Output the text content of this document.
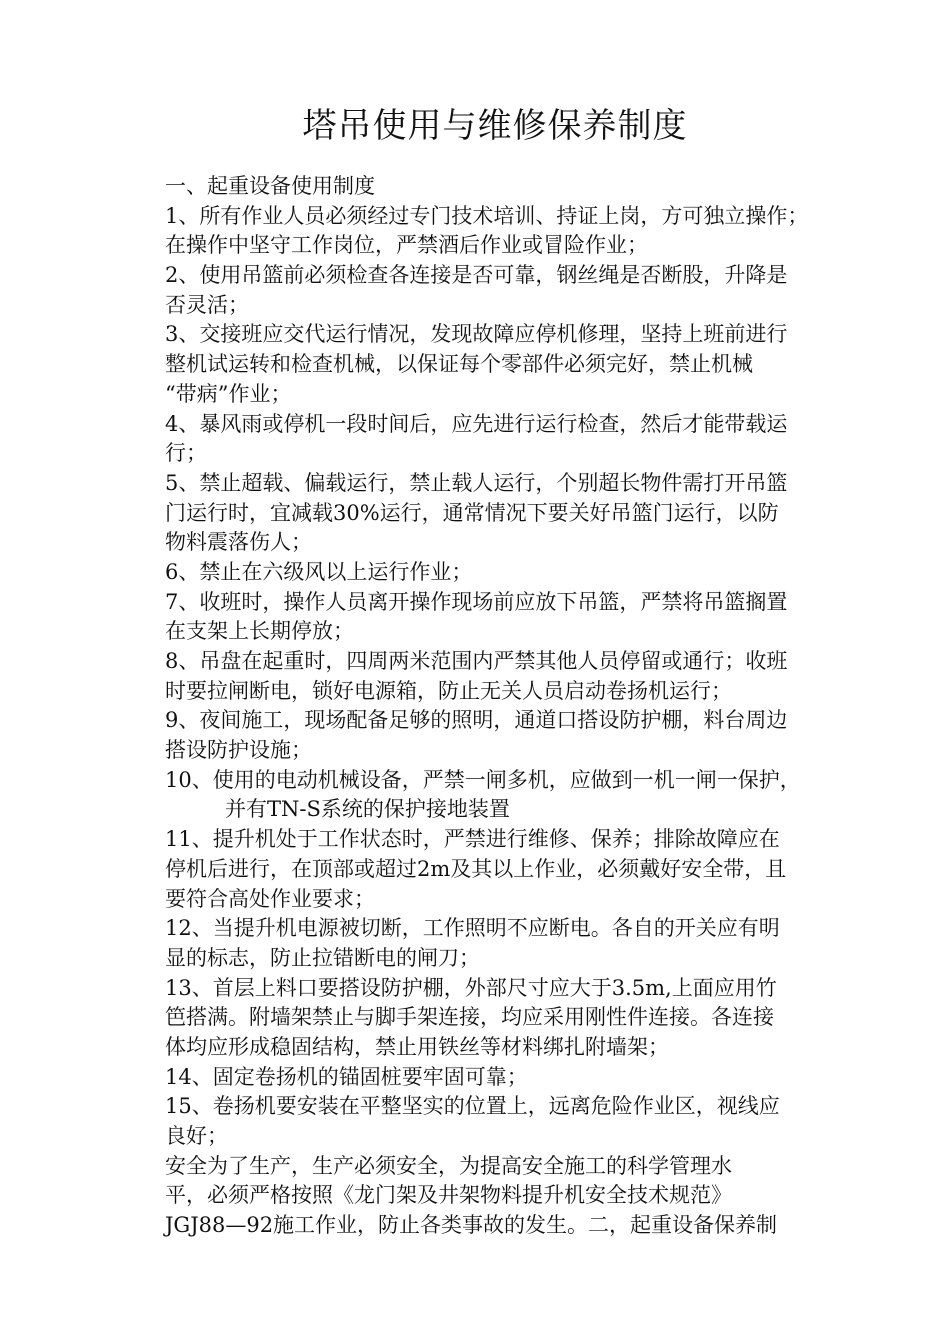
塔吊使用与维修保养制度
一、起重设备使用制度
1、所有作业人员必须经过专门技术培训、持证上岗，方可独立操作；
在操作中坚守工作岗位，严禁酒后作业或冒险作业；
2、使用吊篮前必须检查各连接是否可靠，钢丝绳是否断股，升降是
否灵活；
3、交接班应交代运行情况，发现故障应停机修理，坚持上班前进行
整机试运转和检查机械，以保证每个零部件必须完好，禁止机械
“带病”作业；
4、暴风雨或停机一段时间后，应先进行运行检查，然后才能带载运
行；
5、禁止超载、偏载运行，禁止载人运行，个别超长物件需打开吊篮
门运行时，宜减载30%运行，通常情况下要关好吊篮门运行，以防
物料震落伤人；
6、禁止在六级风以上运行作业；
7、收班时，操作人员离开操作现场前应放下吊篮，严禁将吊篮搁置
在支架上长期停放；
8、吊盘在起重时，四周两米范围内严禁其他人员停留或通行；收班
时要拉闸断电，锁好电源箱，防止无关人员启动卷扬机运行；
9、夜间施工，现场配备足够的照明，通道口搭设防护棚，料台周边
搭设防护设施；
10、使用的电动机械设备，严禁一闸多机，应做到一机一闸一保护，
并有TN-S系统的保护接地装置
11、提升机处于工作状态时，严禁进行维修、保养；排除故障应在
停机后进行，在顶部或超过2m及其以上作业，必须戴好安全带，且
要符合高处作业要求；
12、当提升机电源被切断，工作照明不应断电。各自的开关应有明
显的标志，防止拉错断电的闸刀；
13、首层上料口要搭设防护棚，外部尺寸应大于3.5m,上面应用竹
笆搭满。附墙架禁止与脚手架连接，均应采用刚性件连接。各连接
体均应形成稳固结构，禁止用铁丝等材料绑扎附墙架；
14、固定卷扬机的锚固桩要牢固可靠；
15、卷扬机要安装在平整坚实的位置上，远离危险作业区，视线应
良好；
安全为了生产，生产必须安全，为提高安全施工的科学管理水
平，必须严格按照《龙门架及井架物料提升机安全技术规范》
JGJ88—92施工作业，防止各类事故的发生。二，起重设备保养制
